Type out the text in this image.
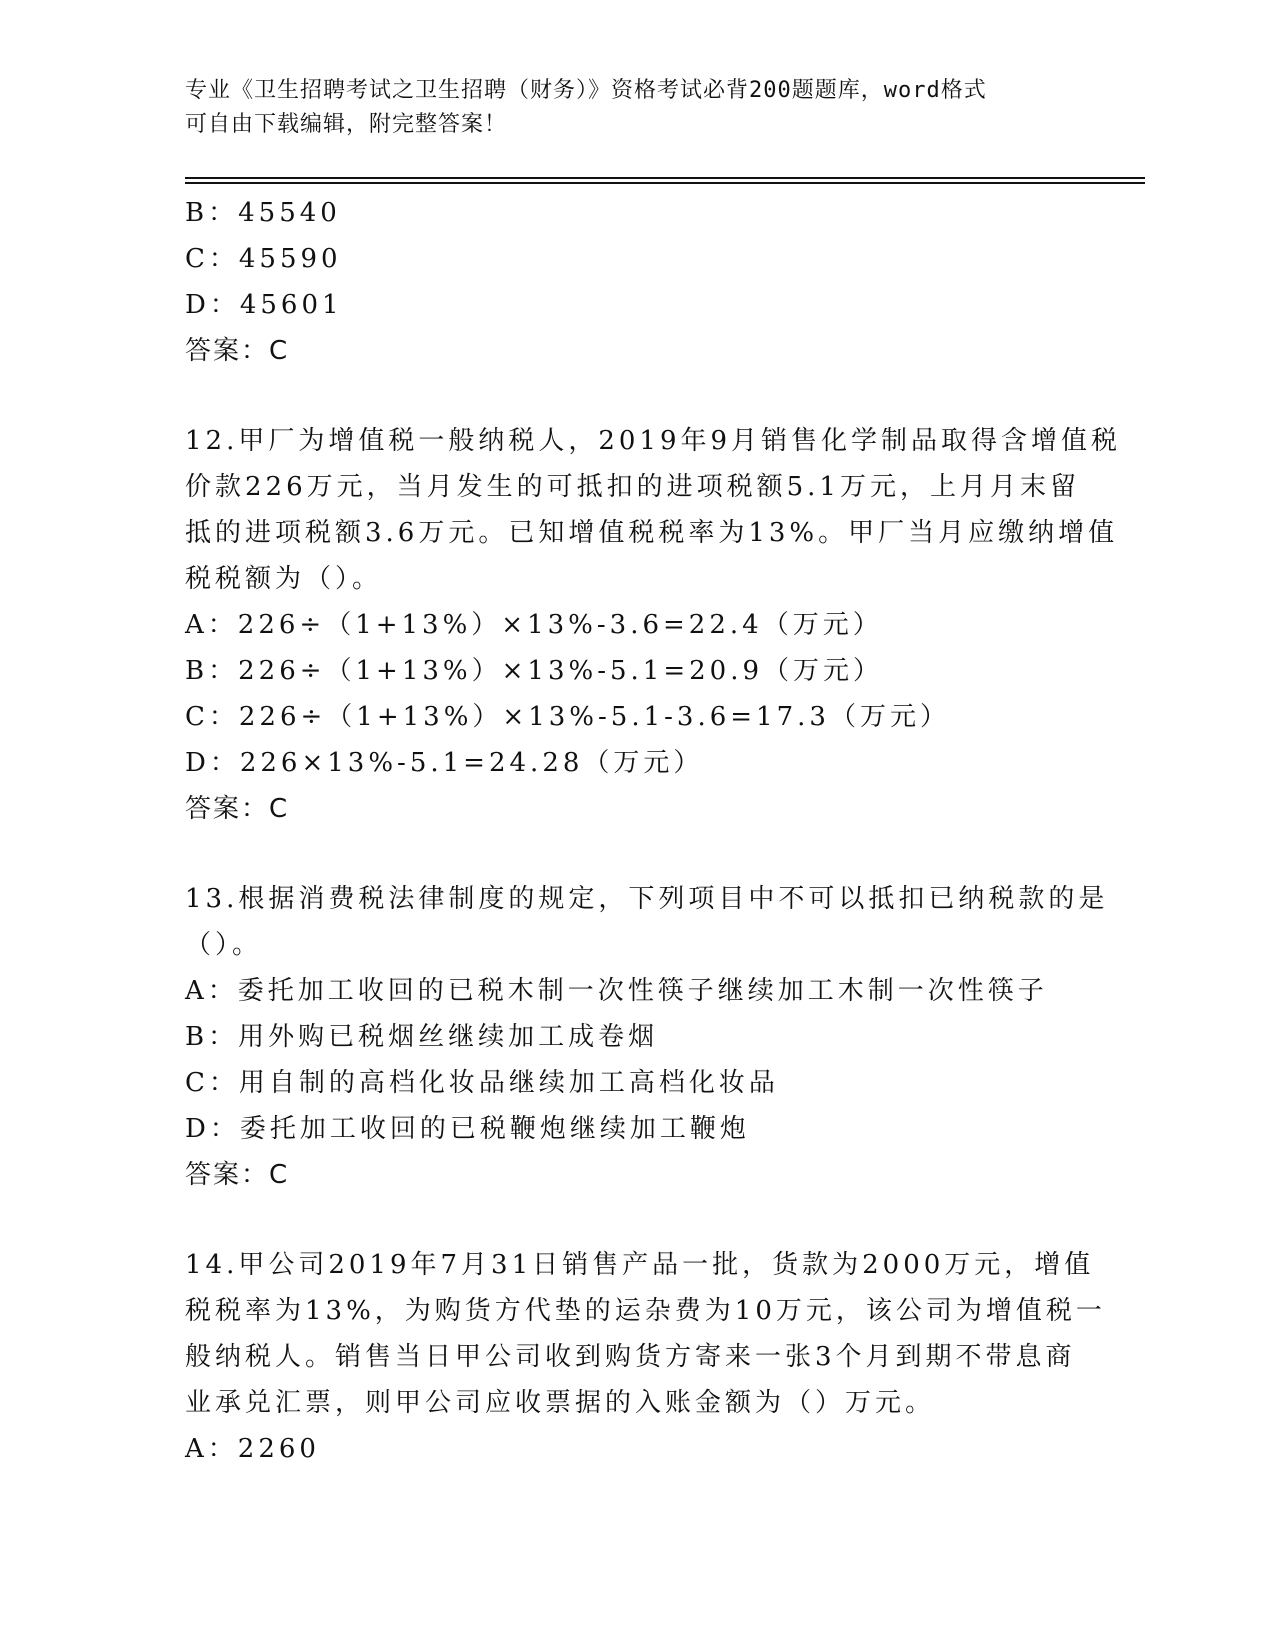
专业《卫生招聘考试之卫生招聘（财务）》资格考试必背200题题库，word格式
可自由下载编辑，附完整答案！
B：45540
C：45590
D：45601
答案：C
12.甲厂为增值税一般纳税人，2019年9月销售化学制品取得含增值税
价款226万元，当月发生的可抵扣的进项税额5.1万元，上月月末留
抵的进项税额3.6万元。已知增值税税率为13%。甲厂当月应缴纳增值
税税额为（）。
A：226÷（1+13%）×13%-3.6=22.4（万元）
B：226÷（1+13%）×13%-5.1=20.9（万元）
C：226÷（1+13%）×13%-5.1-3.6=17.3（万元）
D：226×13%-5.1=24.28（万元）
答案：C
13.根据消费税法律制度的规定，下列项目中不可以抵扣已纳税款的是
（）。
A：委托加工收回的已税木制一次性筷子继续加工木制一次性筷子
B：用外购已税烟丝继续加工成卷烟
C：用自制的高档化妆品继续加工高档化妆品
D：委托加工收回的已税鞭炮继续加工鞭炮
答案：C
14.甲公司2019年7月31日销售产品一批，货款为2000万元，增值
税税率为13%，为购货方代垫的运杂费为10万元，该公司为增值税一
般纳税人。销售当日甲公司收到购货方寄来一张3个月到期不带息商
业承兑汇票，则甲公司应收票据的入账金额为（）万元。
A：2260
